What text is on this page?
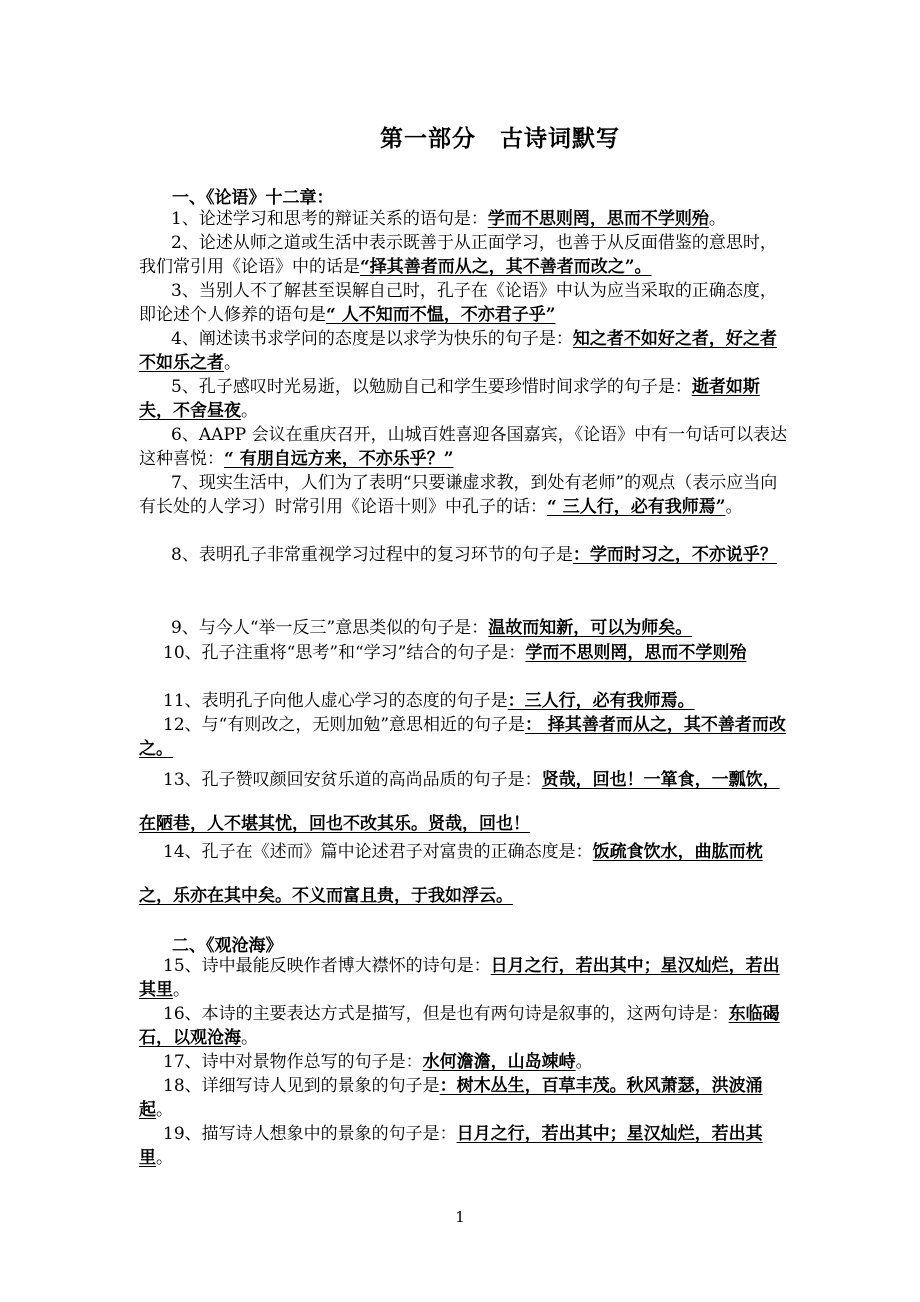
第一部分　古诗词默写
一、《论语》十二章：
1、论述学习和思考的辩证关系的语句是：学而不思则罔，思而不学则殆。
2、论述从师之道或生活中表示既善于从正面学习，也善于从反面借鉴的意思时，我们常引用《论语》中的话是“择其善者而从之，其不善者而改之”。
3、当别人不了解甚至误解自己时，孔子在《论语》中认为应当采取的正确态度，即论述个人修养的语句是“ 人不知而不愠，不亦君子乎”
4、阐述读书求学问的态度是以求学为快乐的句子是：知之者不如好之者，好之者不如乐之者。
5、孔子感叹时光易逝，以勉励自己和学生要珍惜时间求学的句子是：逝者如斯夫，不舍昼夜。
6、AAPP 会议在重庆召开，山城百姓喜迎各国嘉宾，《论语》中有一句话可以表达这种喜悦：“ 有朋自远方来，不亦乐乎？”
7、现实生活中，人们为了表明“只要谦虚求教，到处有老师”的观点（表示应当向有长处的人学习）时常引用《论语十则》中孔子的话：“ 三人行，必有我师焉”。
8、表明孔子非常重视学习过程中的复习环节的句子是：学而时习之，不亦说乎？
9、与今人“举一反三”意思类似的句子是：温故而知新，可以为师矣。
10、孔子注重将“思考”和“学习”结合的句子是：学而不思则罔，思而不学则殆
11、表明孔子向他人虚心学习的态度的句子是：三人行，必有我师焉。
12、与“有则改之，无则加勉”意思相近的句子是： 择其善者而从之，其不善者而改之。
13、孔子赞叹颜回安贫乐道的高尚品质的句子是：贤哉，回也！一箪食，一瓢饮，在陋巷，人不堪其忧，回也不改其乐。贤哉，回也！
14、孔子在《述而》篇中论述君子对富贵的正确态度是：饭疏食饮水，曲肱而枕之，乐亦在其中矣。不义而富且贵，于我如浮云。
二、《观沧海》
15、诗中最能反映作者博大襟怀的诗句是：日月之行，若出其中；星汉灿烂，若出其里。
16、本诗的主要表达方式是描写，但是也有两句诗是叙事的，这两句诗是：东临碣石，以观沧海。
17、诗中对景物作总写的句子是：水何澹澹，山岛竦峙。
18、详细写诗人见到的景象的句子是：树木丛生，百草丰茂。秋风萧瑟，洪波涌起。
19、描写诗人想象中的景象的句子是：日月之行，若出其中；星汉灿烂，若出其里。
1
